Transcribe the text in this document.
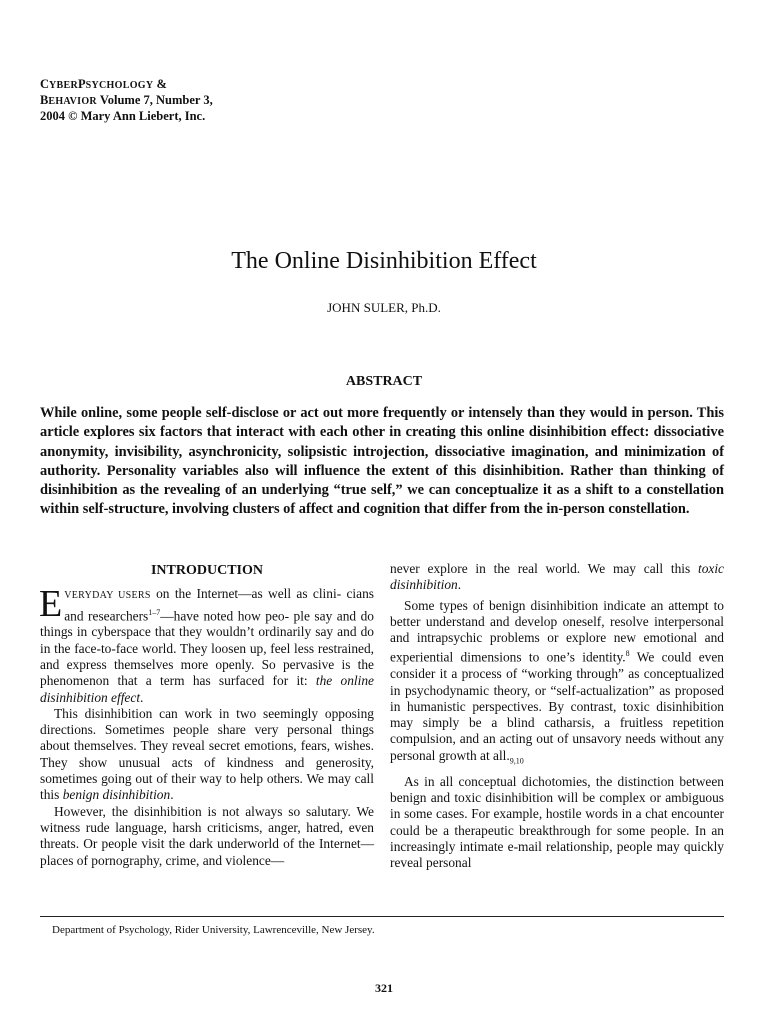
CYBERPSYCHOLOGY &
BEHAVIOR Volume 7, Number 3,
2004 © Mary Ann Liebert, Inc.
The Online Disinhibition Effect
JOHN SULER, Ph.D.
ABSTRACT

While online, some people self-disclose or act out more frequently or intensely than they would in person. This article explores six factors that interact with each other in creating this online disinhibition effect: dissociative anonymity, invisibility, asynchronicity, solipsistic introjection, dissociative imagination, and minimization of authority. Personality variables also will influence the extent of this disinhibition. Rather than thinking of disinhibition as the revealing of an underlying “true self,” we can conceptualize it as a shift to a constellation within self-structure, involving clusters of affect and cognition that differ from the in-person constellation.

INTRODUCTION

EVERYDAY USERS on the Internet—as well as clini- cians and researchers$^{1-7}$—have noted how peo- ple say and do things in cyberspace that they wouldn’t ordinarily say and do in the face-to-face world. They loosen up, feel less restrained, and express themselves more openly. So pervasive is the phenomenon that a term has surfaced for it: the online disinhibition effect.

This disinhibition can work in two seemingly opposing directions. Sometimes people share very personal things about themselves. They reveal secret emotions, fears, wishes. They show unusual acts of kindness and generosity, sometimes going out of their way to help others. We may call this benign disinhibition.

However, the disinhibition is not always so salutary. We witness rude language, harsh criticisms, anger, hatred, even threats. Or people visit the dark underworld of the Internet—places of pornography, crime, and violence—

never explore in the real world. We may call this toxic disinhibition.

Some types of benign disinhibition indicate an attempt to better understand and develop oneself, resolve interpersonal and intrapsychic problems or explore new emotional and experiential dimensions to one’s identity.$^8$ We could even consider it a process of “working through” as conceptualized in psychodynamic theory, or “self-actualization” as proposed in humanistic perspectives. By contrast, toxic disinhibition may simply be a blind catharsis, a fruitless repetition compulsion, and an acting out of unsavory needs without any personal growth at $all._{9,10}$

As in all conceptual dichotomies, the distinction between benign and toxic disinhibition will be complex or ambiguous in some cases. For example, hostile words in a chat encounter could be a therapeutic breakthrough for some people. In an increasingly intimate e-mail relationship, people may quickly reveal personal

Department of Psychology, Rider University, Lawrenceville, New Jersey.
321
